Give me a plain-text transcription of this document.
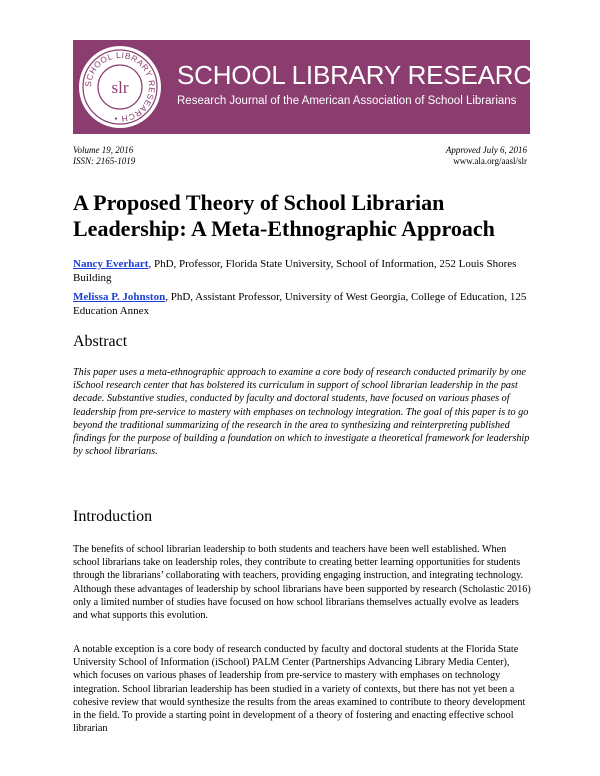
SCHOOL LIBRARY RESEARCH •
slr SCHOOL LIBRARY RESEARCH
Research Journal of the American Association of School Librarians
Volume 19, 2016
ISSN: 2165-1019
Approved July 6, 2016
www.ala.org/aasl/slr
A Proposed Theory of School Librarian Leadership: A Meta-Ethnographic Approach

Nancy Everhart, PhD, Professor, Florida State University, School of Information, 252 Louis Shores Building

Melissa P. Johnston, PhD, Assistant Professor, University of West Georgia, College of Education, 125 Education Annex

Abstract

This paper uses a meta-ethnographic approach to examine a core body of research conducted primarily by one iSchool research center that has bolstered its curriculum in support of school librarian leadership in the past decade. Substantive studies, conducted by faculty and doctoral students, have focused on various phases of leadership from pre-service to mastery with emphases on technology integration. The goal of this paper is to go beyond the traditional summarizing of the research in the area to synthesizing and reinterpreting published findings for the purpose of building a foundation on which to investigate a theoretical framework for leadership by school librarians.

Introduction

The benefits of school librarian leadership to both students and teachers have been well established. When school librarians take on leadership roles, they contribute to creating better learning opportunities for students through the librarians’ collaborating with teachers, providing engaging instruction, and integrating technology. Although these advantages of leadership by school librarians have been supported by research (Scholastic 2016) only a limited number of studies have focused on how school librarians themselves actually evolve as leaders and what supports this evolution.

A notable exception is a core body of research conducted by faculty and doctoral students at the Florida State University School of Information (iSchool) PALM Center (Partnerships Advancing Library Media Center), which focuses on various phases of leadership from pre-service to mastery with emphases on technology integration. School librarian leadership has been studied in a variety of contexts, but there has not yet been a cohesive review that would synthesize the results from the areas examined to contribute to theory development in the field. To provide a starting point in development of a theory of fostering and enacting effective school librarian
